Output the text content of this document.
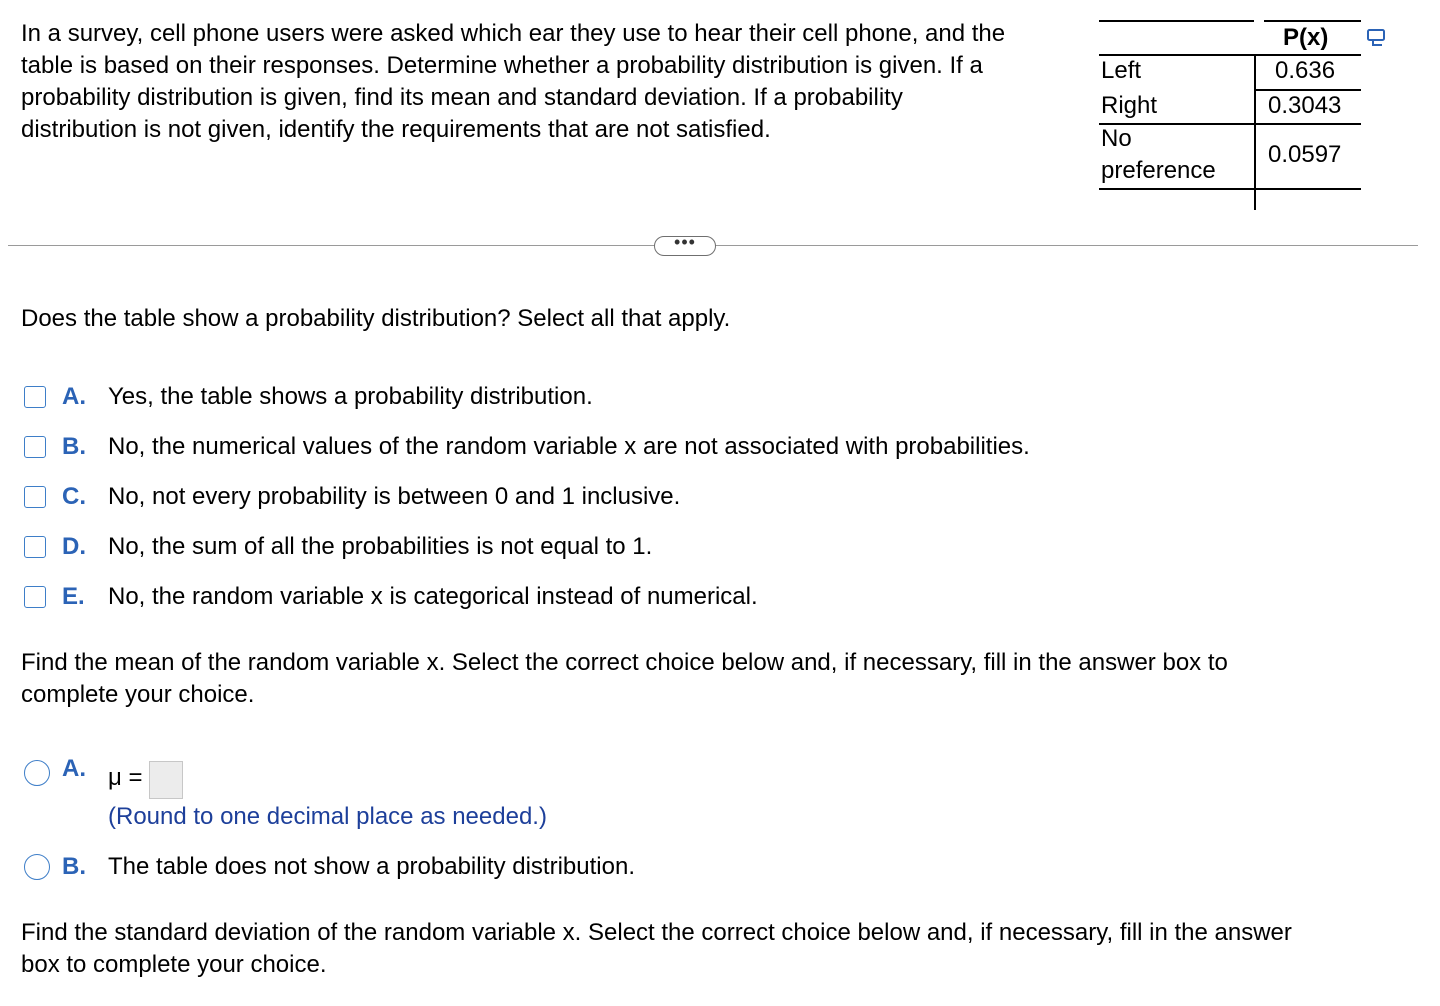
In a survey, cell phone users were asked which ear they use to hear their cell phone, and the
table is based on their responses. Determine whether a probability distribution is given. If a
probability distribution is given, find its mean and standard deviation. If a probability
distribution is not given, identify the requirements that are not satisfied.
P(x)
Left	0.636
Right	0.3043
No
preference
0.0597
•••
Does the table show a probability distribution? Select all that apply.
A. Yes, the table shows a probability distribution.
B. No, the numerical values of the random variable x are not associated with probabilities.
C. No, not every probability is between 0 and 1 inclusive.
D. No, the sum of all the probabilities is not equal to 1.
E. No, the random variable x is categorical instead of numerical.
Find the mean of the random variable x. Select the correct choice below and, if necessary, fill in the answer box to
complete your choice.
A. μ =
(Round to one decimal place as needed.)
B. The table does not show a probability distribution.
Find the standard deviation of the random variable x. Select the correct choice below and, if necessary, fill in the answer
box to complete your choice.
